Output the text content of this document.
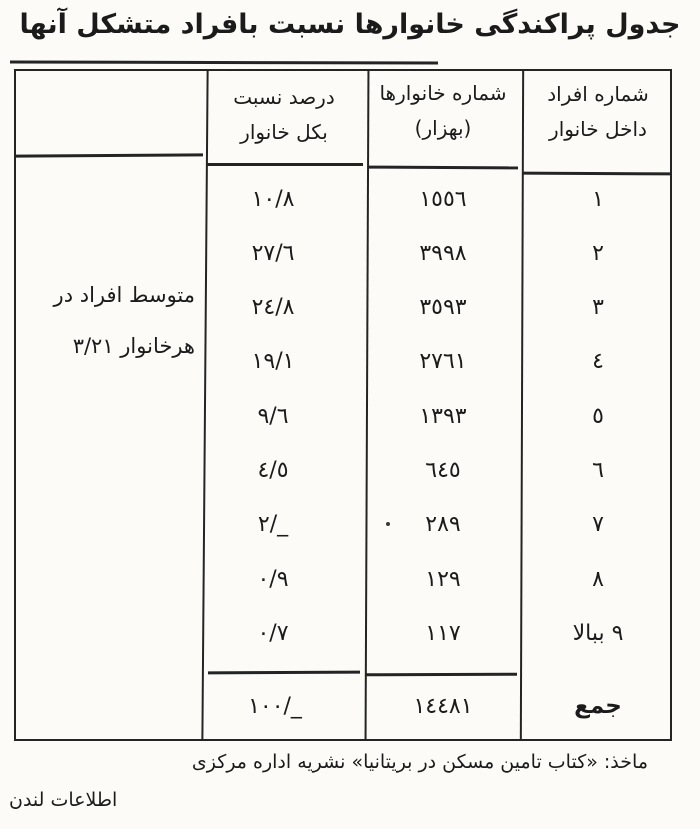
جدول پراکندگی خانوارها نسبت بافراد متشکل آنها
شماره افراد
داخل خانوار
شماره خانوارها
(بهزار)
درصد نسبت
بکل خانوار
١
١٥٥٦
١٠/٨
٢
٣٩٩٨
٢٧/٦
٣
٣٥٩٣
٢٤/٨
٤
٢٧٦١
١٩/١
٥
١٣٩٣
٩/٦
٦
٦٤٥
٤/٥
٧
٢٨٩
٢/_
٨
١٢٩
٠/٩
٩ ببالا
١١٧
٠/٧
متوسط افراد در
هرخانوار ٣/٢١
جمع
١٤٤٨١
١٠٠/_
ماخذ: «کتاب تامین مسکن در بریتانیا» نشریه اداره مرکزی
اطلاعات لندن
